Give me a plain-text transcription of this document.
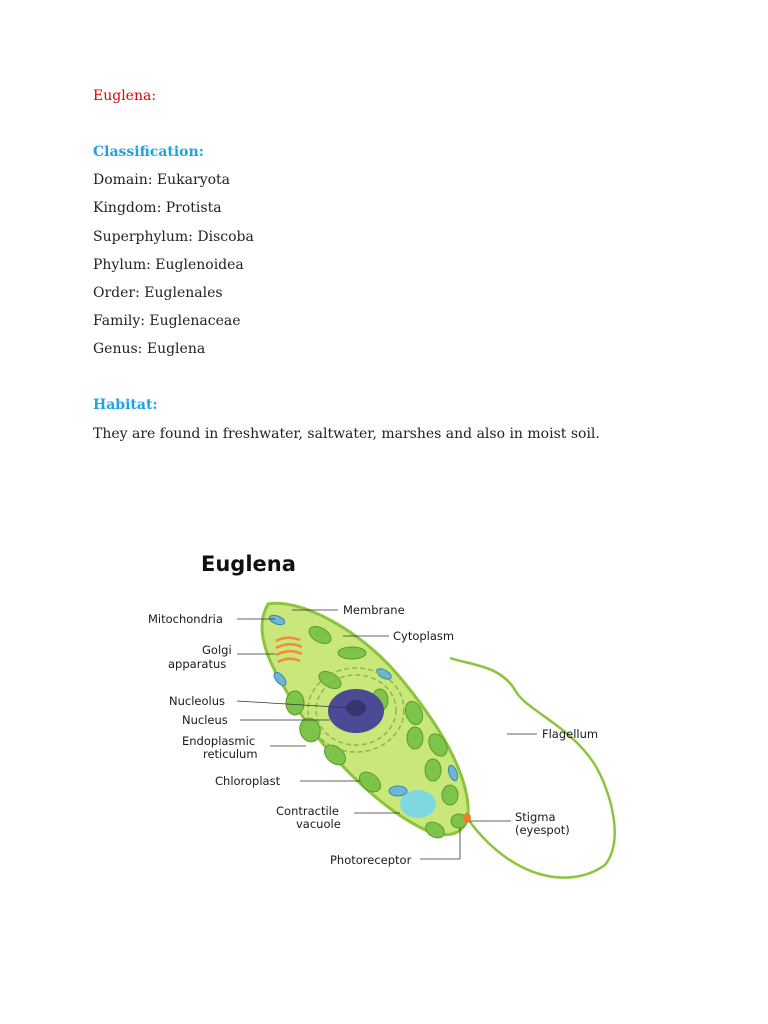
Euglena:
Classification:
Domain: Eukaryota
Kingdom: Protista
Superphylum: Discoba
Phylum: Euglenoidea
Order: Euglenales
Family: Euglenaceae
Genus: Euglena
Habitat:
They are found in freshwater, saltwater, marshes and also in moist soil.
Euglena
Mitochondria
Golgi
apparatus
Nucleolus
Nucleus
Endoplasmic
reticulum
Chloroplast
Contractile
vacuole
Photoreceptor
Membrane
Cytoplasm
Flagellum
Stigma
(eyespot)
